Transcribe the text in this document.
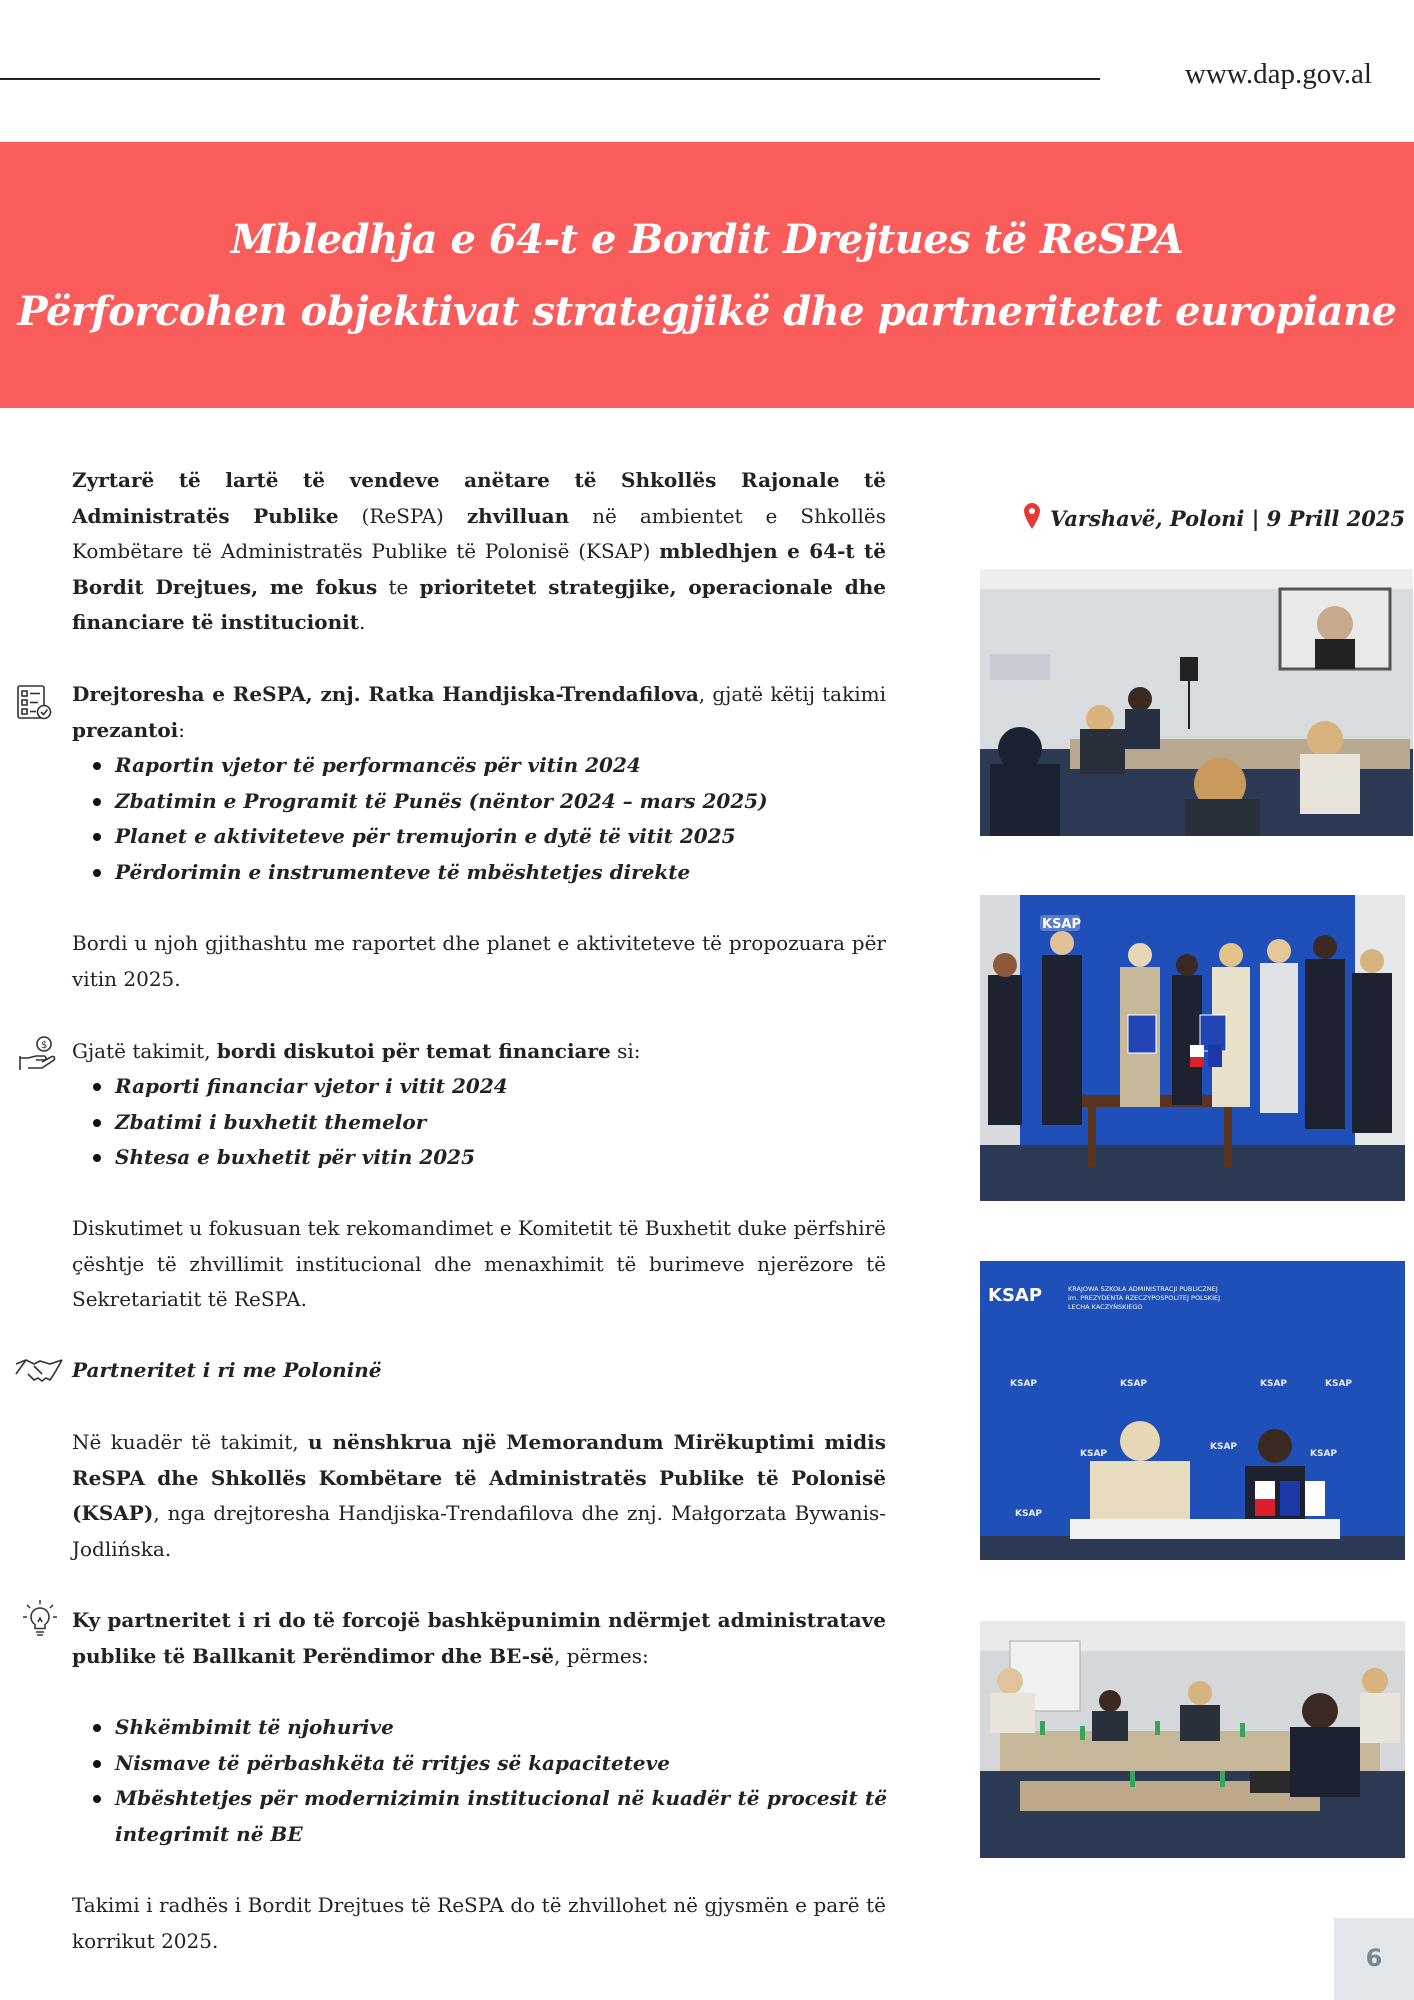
www.dap.gov.al
Mbledhja e 64-t e Bordit Drejtues të ReSPA
Përforcohen objektivat strategjikë dhe partneritetet europiane
Zyrtarë të lartë të vendeve anëtare të Shkollës Rajonale të Administratës Publike (ReSPA) zhvilluan në ambientet e Shkollës Kombëtare të Administratës Publike të Polonisë (KSAP) mbledhjen e 64-t të Bordit Drejtues, me fokus te prioritetet strategjike, operacionale dhe financiare të institucionit.
Drejtoresha e ReSPA, znj. Ratka Handjiska-Trendafilova, gjatë këtij takimi prezantoi:
Raportin vjetor të performancës për vitin 2024
Zbatimin e Programit të Punës (nëntor 2024 – mars 2025)
Planet e aktiviteteve për tremujorin e dytë të vitit 2025
Përdorimin e instrumenteve të mbështetjes direkte
Bordi u njoh gjithashtu me raportet dhe planet e aktiviteteve të propozuara për vitin 2025.
$ Gjatë takimit, bordi diskutoi për temat financiare si:
Raporti financiar vjetor i vitit 2024
Zbatimi i buxhetit themelor
Shtesa e buxhetit për vitin 2025
Diskutimet u fokusuan tek rekomandimet e Komitetit të Buxhetit duke përfshirë çështje të zhvillimit institucional dhe menaxhimit të burimeve njerëzore të Sekretariatit të ReSPA.
Partneritet i ri me Poloninë
Në kuadër të takimit, u nënshkrua një Memorandum Mirëkuptimi midis ReSPA dhe Shkollës Kombëtare të Administratës Publike të Polonisë (KSAP), nga drejtoresha Handjiska-Trendafilova dhe znj. Małgorzata Bywanis-Jodlińska.
Ky partneritet i ri do të forcojë bashkëpunimin ndërmjet administratave publike të Ballkanit Perëndimor dhe BE-së, përmes:
Shkëmbimit të njohurive
Nismave të përbashkëta të rritjes së kapaciteteve
Mbështetjes për modernizimin institucional në kuadër të procesit të integrimit në BE
Takimi i radhës i Bordit Drejtues të ReSPA do të zhvillohet në gjysmën e parë të korrikut 2025.
Varshavë, Poloni | 9 Prill 2025
KSAP
KSAP	KRAJOWA SZKOŁA ADMINISTRACJI PUBLICZNEJ
im. PREZYDENTA RZECZYPOSPOLITEJ POLSKIEJ
LECHA KACZYŃSKIEGO
KSAP	KSAP	KSAP	KSAP
KSAP
KSAP
KSAP
KSAP
6
